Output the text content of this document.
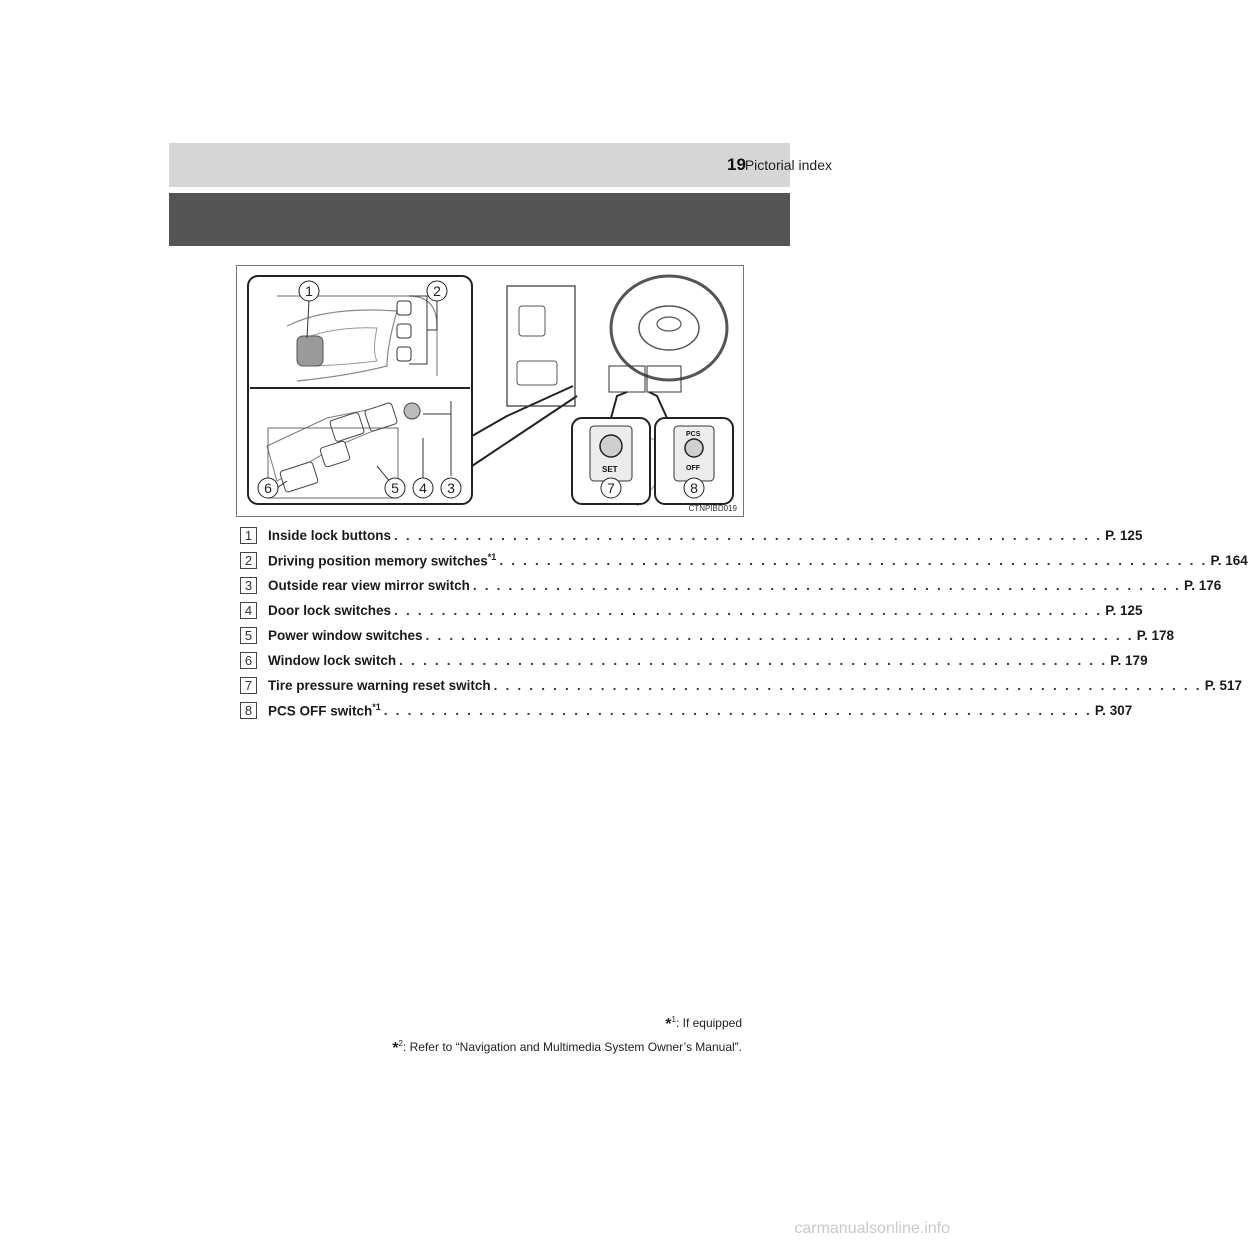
Pictorial index
19
SET
PCS
OFF
1	2
3
4
5
6	7	8
CTNPIBD019
1	Inside lock buttons . . . . . . . . . . . . . . . . . . . . . . . . . . . . . . . . . . . . . . . . . . . . . . . . . . . . . . . . . . . . P. 125
2	Driving position memory switches$^{*1}$ . . . . . . . . . . . . . . . . . . . . . . . . . . . . . . . . . . . . . . . . . . . . . . . . . . . . . . . . . . . . P. 164
3	Outside rear view mirror switch . . . . . . . . . . . . . . . . . . . . . . . . . . . . . . . . . . . . . . . . . . . . . . . . . . . . . . . . . . . . P. 176
4	Door lock switches . . . . . . . . . . . . . . . . . . . . . . . . . . . . . . . . . . . . . . . . . . . . . . . . . . . . . . . . . . . . P. 125
5	Power window switches . . . . . . . . . . . . . . . . . . . . . . . . . . . . . . . . . . . . . . . . . . . . . . . . . . . . . . . . . . . . P. 178
6	Window lock switch . . . . . . . . . . . . . . . . . . . . . . . . . . . . . . . . . . . . . . . . . . . . . . . . . . . . . . . . . . . . P. 179
7	Tire pressure warning reset switch . . . . . . . . . . . . . . . . . . . . . . . . . . . . . . . . . . . . . . . . . . . . . . . . . . . . . . . . . . . . P. 517
8	PCS OFF switch$^{*1}$ . . . . . . . . . . . . . . . . . . . . . . . . . . . . . . . . . . . . . . . . . . . . . . . . . . . . . . . . . . . . P. 307
*$^1$: If equipped
*$^2$: Refer to “Navigation and Multimedia System Owner’s Manual”.
carmanualsonline.info
